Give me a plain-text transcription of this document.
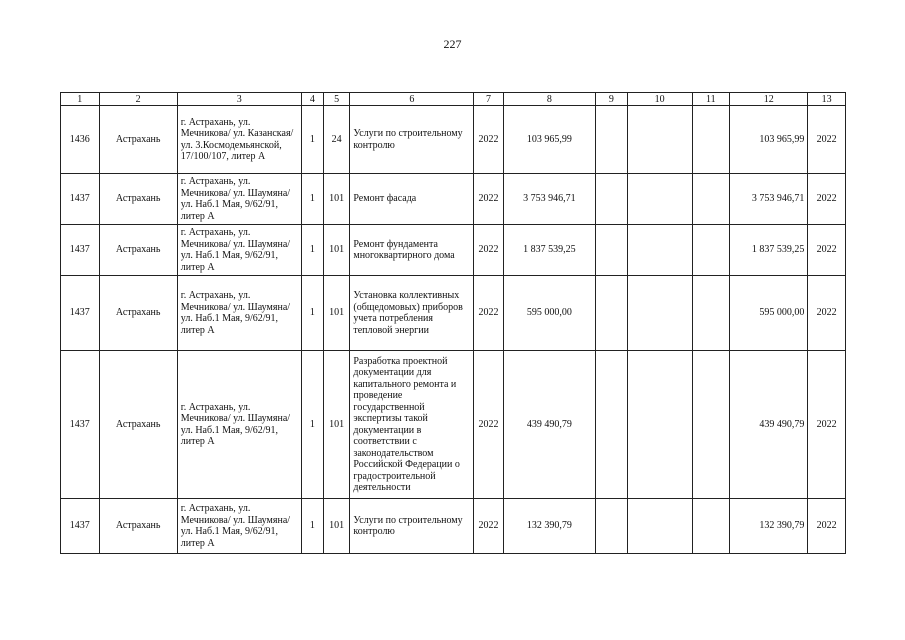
227
1	2	3	4	5	6	7	8	9	10	11	12	13
1436	Астрахань	г. Астрахань, ул. Мечникова/ ул. Казанская/ ул. 3.Космодемьянской, 17/100/107, литер А	1	24	Услуги по строительному контролю	2022	103 965,99				103 965,99	2022
1437	Астрахань	г. Астрахань, ул. Мечникова/ ул. Шаумяна/ ул. Наб.1 Мая, 9/62/91, литер А	1	101	Ремонт фасада	2022	3 753 946,71				3 753 946,71	2022
1437	Астрахань	г. Астрахань, ул. Мечникова/ ул. Шаумяна/ ул. Наб.1 Мая, 9/62/91, литер А	1	101	Ремонт фундамента многоквартирного дома	2022	1 837 539,25				1 837 539,25	2022
1437	Астрахань	г. Астрахань, ул. Мечникова/ ул. Шаумяна/ ул. Наб.1 Мая, 9/62/91, литер А	1	101	Установка коллективных (общедомовых) приборов учета потребления тепловой энергии	2022	595 000,00				595 000,00	2022
1437	Астрахань	г. Астрахань, ул. Мечникова/ ул. Шаумяна/ ул. Наб.1 Мая, 9/62/91, литер А	1	101	Разработка проектной документации для капитального ремонта и проведение государственной экспертизы такой документации в соответствии с законодательством Российской Федерации о градостроительной деятельности	2022	439 490,79				439 490,79	2022
1437	Астрахань	г. Астрахань, ул. Мечникова/ ул. Шаумяна/ ул. Наб.1 Мая, 9/62/91, литер А	1	101	Услуги по строительному контролю	2022	132 390,79				132 390,79	2022
